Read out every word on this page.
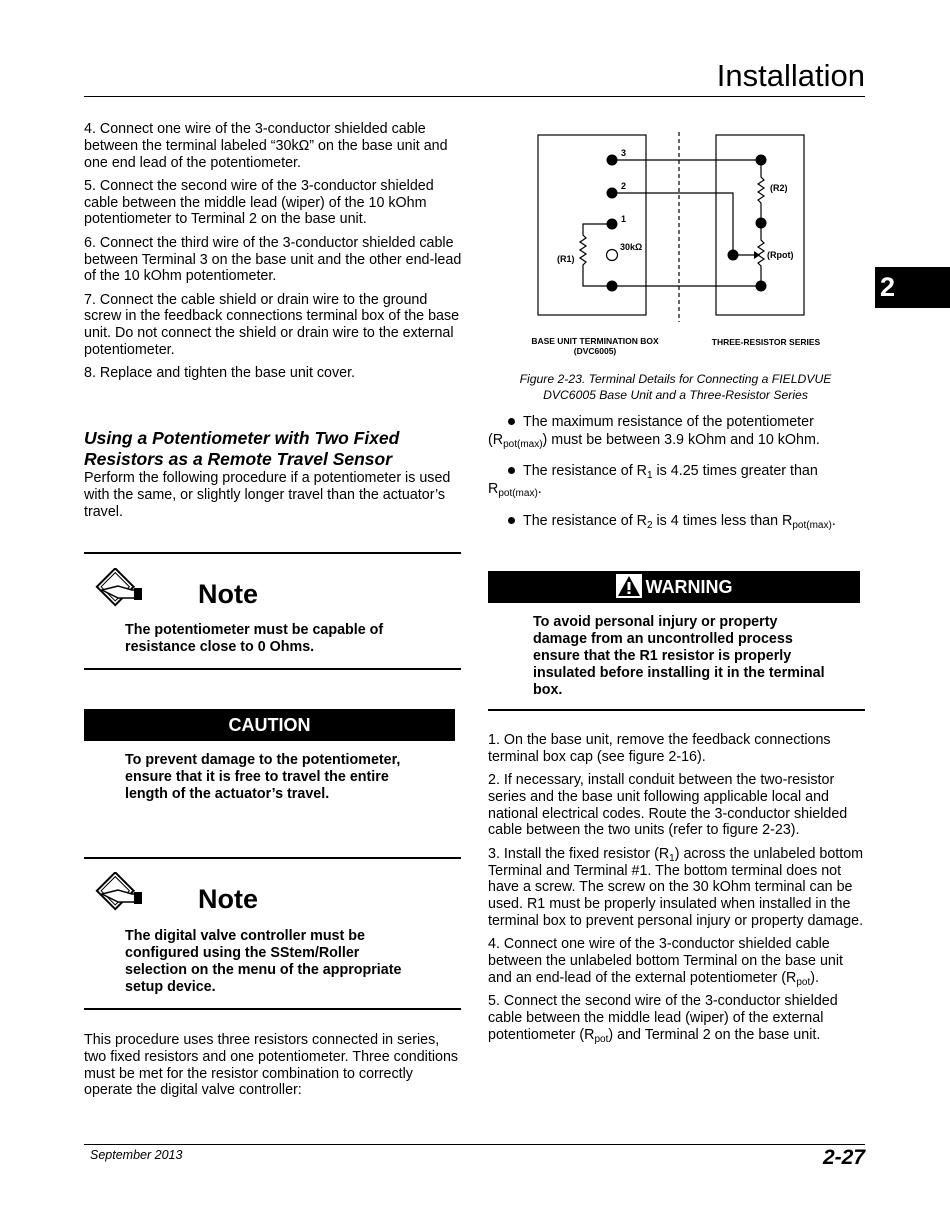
Installation
2

4. Connect one wire of the 3-conductor shielded cable between the terminal labeled “30kΩ” on the base unit and one end lead of the potentiometer.

5. Connect the second wire of the 3-conductor shielded cable between the middle lead (wiper) of the 10 kOhm potentiometer to Terminal 2 on the base unit.

6. Connect the third wire of the 3-conductor shielded cable between Terminal 3 on the base unit and the other end-lead of the 10 kOhm potentiometer.

7. Connect the cable shield or drain wire to the ground screw in the feedback connections terminal box of the base unit. Do not connect the shield or drain wire to the external potentiometer.

8. Replace and tighten the base unit cover.

Using a Potentiometer with Two Fixed Resistors as a Remote Travel Sensor
Perform the following procedure if a potentiometer is used with the same, or slightly longer travel than the actuator’s travel.
Note
The potentiometer must be capable of resistance close to 0 Ohms.
CAUTION
To prevent damage to the potentiometer, ensure that it is free to travel the entire length of the actuator’s travel.
Note
The digital valve controller must be configured using the SStem/Roller selection on the menu of the appropriate setup device.
This procedure uses three resistors connected in series, two fixed resistors and one potentiometer. Three conditions must be met for the resistor combination to correctly operate the digital valve controller:
3
2
1
30kΩ
(R1)
(R2)
(Rpot)
BASE UNIT TERMINATION BOX
(DVC6005)
THREE-RESISTOR SERIES
Figure 2-23. Terminal Details for Connecting a FIELDVUE
DVC6005 Base Unit and a Three-Resistor Series
The maximum resistance of the potentiometer $(R_{pot(max)})$ must be between 3.9 kOhm and 10 kOhm.
The resistance of $R_1$ is 4.25 times greater than $R_{pot(max)}$.
The resistance of $R_2$ is 4 times less than $R_{pot(max)}$.
WARNING
To avoid personal injury or property damage from an uncontrolled process ensure that the R1 resistor is properly insulated before installing it in the terminal box.

1. On the base unit, remove the feedback connections terminal box cap (see figure 2-16).

2. If necessary, install conduit between the two-resistor series and the base unit following applicable local and national electrical codes. Route the 3-conductor shielded cable between the two units (refer to figure 2-23).

3. Install the fixed resistor $(R_1)$ across the unlabeled bottom Terminal and Terminal #1. The bottom terminal does not have a screw. The screw on the 30 kOhm terminal can be used. R1 must be properly insulated when installed in the terminal box to prevent personal injury or property damage.

4. Connect one wire of the 3-conductor shielded cable between the unlabeled bottom Terminal on the base unit and an end-lead of the external potentiometer $(R_{pot})$.

5. Connect the second wire of the 3-conductor shielded cable between the middle lead (wiper) of the external potentiometer $(R_{pot})$ and Terminal 2 on the base unit.

September 2013	2-27
